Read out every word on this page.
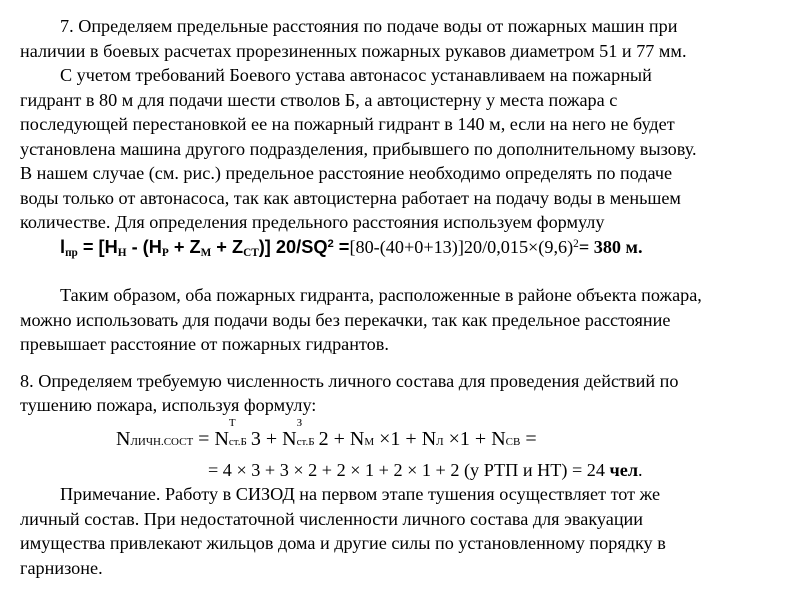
7. Определяем предельные расстояния по подаче воды от пожарных машин при

наличии в боевых расчетах прорезиненных пожарных рукавов диаметром 51 и 77 мм.

С учетом требований Боевого устава автонасос устанавливаем на пожарный

гидрант в 80 м для подачи шести стволов Б, а автоцистерну у места пожара с

последующей перестановкой ее на пожарный гидрант в 140 м, если на него не будет

установлена машина другого подразделения, прибывшего по дополнительному вызову.

В нашем случае (см. рис.) предельное расстояние необходимо определять по подаче

воды только от автонасоса, так как автоцистерна работает на подачу воды в меньшем

количестве. Для определения предельного расстояния используем формулу

$l_{пр} = [H_H - (H_P + Z_M + Z_{СТ})]$ $20/SQ^2 =[80-(40+0+13)]20/0,015\times(9,6)^2= 380$ м.

Таким образом, оба пожарных гидранта, расположенные в районе объекта пожара,

можно использовать для подачи воды без перекачки, так как предельное расстояние

превышает расстояние от пожарных гидрантов.

8. Определяем требуемую численность личного состава для проведения действий по

тушению пожара, используя формулу:

NЛИЧН.СОСТ = N
T
ст.Б 3 + N
З
ст.Б 2 + NМ ×1 + NЛ ×1 + NСВ =

= 4 × 3 + 3 × 2 + 2 × 1 + 2 × 1 + 2 (у РТП и НТ) = 24 чел.

Примечание. Работу в СИЗОД на первом этапе тушения осуществляет тот же

личный состав. При недостаточной численности личного состава для эвакуации

имущества привлекают жильцов дома и другие силы по установленному порядку в

гарнизоне.
